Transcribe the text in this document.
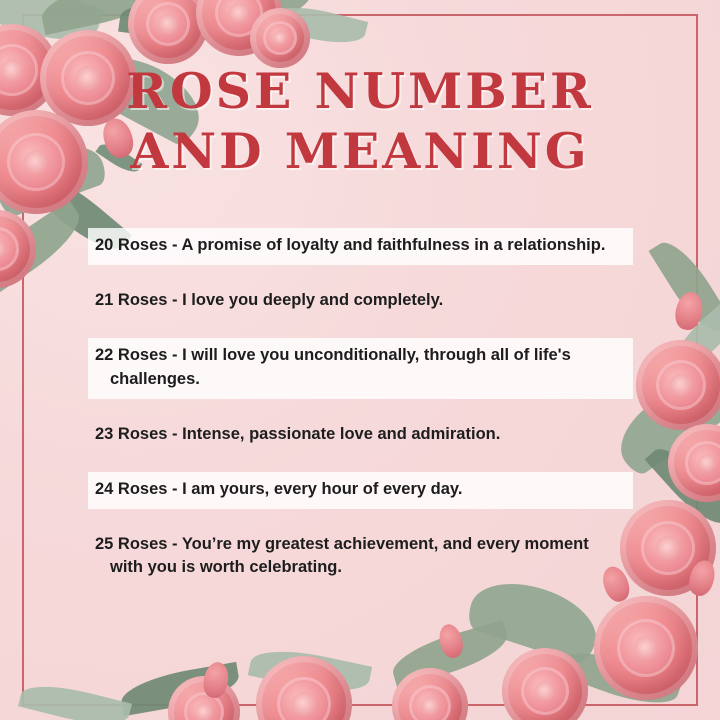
ROSE NUMBER
AND MEANING
20 Roses - A promise of loyalty and faithfulness in a relationship.
21 Roses - I love you deeply and completely.
22 Roses - I will love you unconditionally, through all of life's challenges.
23 Roses - Intense, passionate love and admiration.
24 Roses - I am yours, every hour of every day.
25 Roses - You’re my greatest achievement, and every moment with you is worth celebrating.
